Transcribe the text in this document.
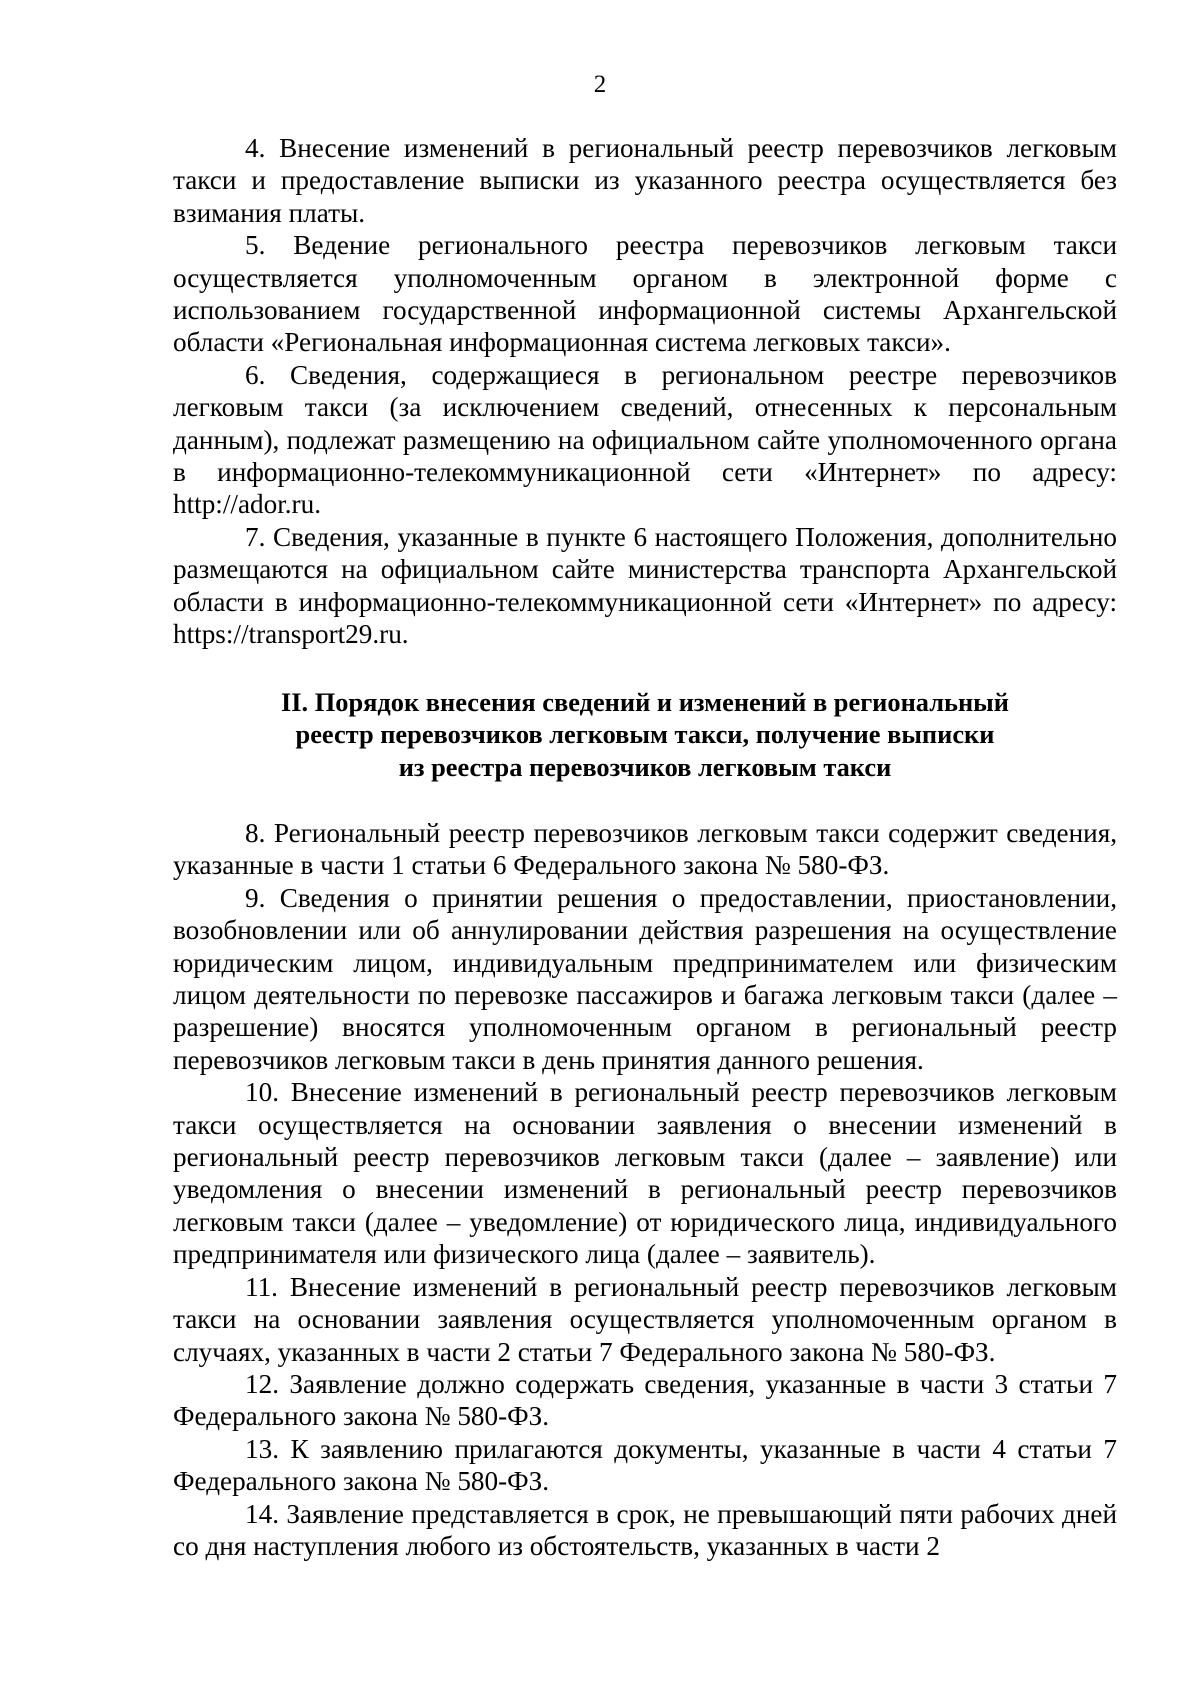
2

4. Внесение изменений в региональный реестр перевозчиков легковым такси и предоставление выписки из указанного реестра осуществляется без взимания платы.

5. Ведение регионального реестра перевозчиков легковым такси осуществляется уполномоченным органом в электронной форме с использованием государственной информационной системы Архангельской области «Региональная информационная система легковых такси».

6. Сведения, содержащиеся в региональном реестре перевозчиков легковым такси (за исключением сведений, отнесенных к персональным данным), подлежат размещению на официальном сайте уполномоченного органа в информационно-телекоммуникационной сети «Интернет» по адресу: http://ador.ru.

7. Сведения, указанные в пункте 6 настоящего Положения, дополнительно размещаются на официальном сайте министерства транспорта Архангельской области в информационно-телекоммуникационной сети «Интернет» по адресу: https://transport29.ru.

II. Порядок внесения сведений и изменений в региональный
реестр перевозчиков легковым такси, получение выписки
из реестра перевозчиков легковым такси

8. Региональный реестр перевозчиков легковым такси содержит сведения, указанные в части 1 статьи 6 Федерального закона № 580-ФЗ.

9. Сведения о принятии решения о предоставлении, приостановлении, возобновлении или об аннулировании действия разрешения на осуществление юридическим лицом, индивидуальным предпринимателем или физическим лицом деятельности по перевозке пассажиров и багажа легковым такси (далее – разрешение) вносятся уполномоченным органом в региональный реестр перевозчиков легковым такси в день принятия данного решения.

10. Внесение изменений в региональный реестр перевозчиков легковым такси осуществляется на основании заявления о внесении изменений в региональный реестр перевозчиков легковым такси (далее – заявление) или уведомления о внесении изменений в региональный реестр перевозчиков легковым такси (далее – уведомление) от юридического лица, индивидуального предпринимателя или физического лица (далее – заявитель).

11. Внесение изменений в региональный реестр перевозчиков легковым такси на основании заявления осуществляется уполномоченным органом в случаях, указанных в части 2 статьи 7 Федерального закона № 580-ФЗ.

12. Заявление должно содержать сведения, указанные в части 3 статьи 7 Федерального закона № 580-ФЗ.

13. К заявлению прилагаются документы, указанные в части 4 статьи 7 Федерального закона № 580-ФЗ.

14. Заявление представляется в срок, не превышающий пяти рабочих дней со дня наступления любого из обстоятельств, указанных в части 2
